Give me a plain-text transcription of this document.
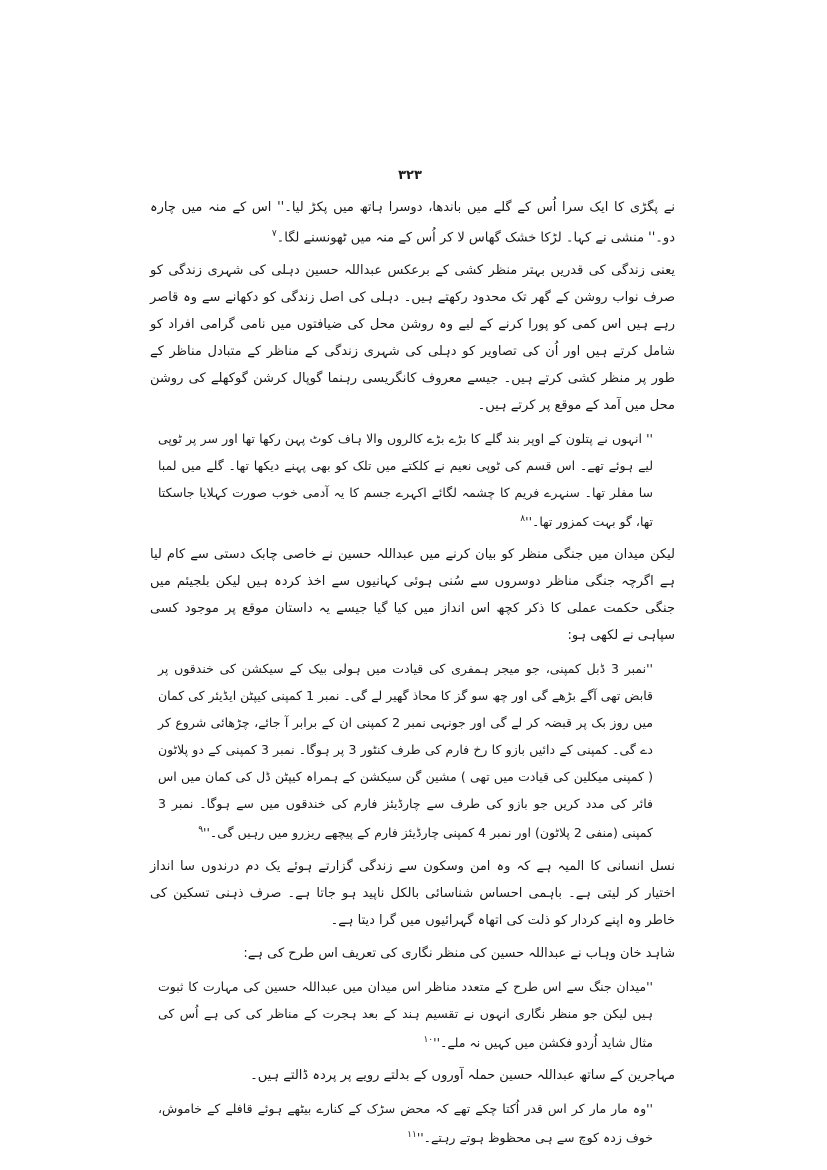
۳۲۳

نے پگڑی کا ایک سرا اُس کے گلے میں باندھا، دوسرا ہاتھ میں پکڑ لیا۔'' اس کے منہ میں چارہ دو۔'' منشی نے کہا۔ لڑکا خشک گھاس لا کر اُس کے منہ میں ٹھونسنے لگا۔$^۷$

یعنی زندگی کی قدریں بہتر منظر کشی کے برعکس عبداللہ حسین دہلی کی شہری زندگی کو صرف نواب روشن کے گھر تک محدود رکھتے ہیں۔ دہلی کی اصل زندگی کو دکھانے سے وہ قاصر رہے ہیں اس کمی کو پورا کرنے کے لیے وہ روشن محل کی ضیافتوں میں نامی گرامی افراد کو شامل کرتے ہیں اور اُن کی تصاویر کو دہلی کی شہری زندگی کے مناظر کے متبادل مناظر کے طور پر منظر کشی کرتے ہیں۔ جیسے معروف کانگریسی رہنما گوپال کرشن گوکھلے کی روشن محل میں آمد کے موقع پر کرتے ہیں۔

'' انہوں نے پتلون کے اوپر بند گلے کا بڑے بڑے کالروں والا ہاف کوٹ پہن رکھا تھا اور سر پر ٹوپی لیے ہوئے تھے۔ اس قسم کی ٹوپی نعیم نے کلکتے میں تلک کو بھی پہنے دیکھا تھا۔ گلے میں لمبا سا مفلر تھا۔ سنہرے فریم کا چشمہ لگائے اکہرے جسم کا یہ آدمی خوب صورت کہلایا جاسکتا تھا، گو بہت کمزور تھا۔''$^۸$

لیکن میدان میں جنگی منظر کو بیان کرنے میں عبداللہ حسین نے خاصی چابک دستی سے کام لیا ہے اگرچہ جنگی مناظر دوسروں سے سُنی ہوئی کہانیوں سے اخذ کردہ ہیں لیکن بلجیئم میں جنگی حکمت عملی کا ذکر کچھ اس انداز میں کیا گیا جیسے یہ داستان موقع پر موجود کسی سپاہی نے لکھی ہو:

''نمبر 3 ڈبل کمپنی، جو میجر ہمفری کی قیادت میں ہولی بیک کے سیکشن کی خندقوں پر قابض تھی آگے بڑھے گی اور چھ سو گز کا محاذ گھیر لے گی۔ نمبر 1 کمپنی کیپٹن ایڈیئر کی کمان میں روز بک پر قبضہ کر لے گی اور جونہی نمبر 2 کمپنی ان کے برابر آ جائے، چڑھائی شروع کر دے گی۔ کمپنی کے دائیں بازو کا رخ فارم کی طرف کنٹور 3 پر ہوگا۔ نمبر 3 کمپنی کے دو پلاٹون ( کمپنی میکلین کی قیادت میں تھی ) مشین گن سیکشن کے ہمراہ کیپٹن ڈل کی کمان میں اس فائر کی مدد کریں جو بازو کی طرف سے چارڈیئز فارم کی خندقوں میں سے ہوگا۔ نمبر 3 کمپنی (منفی 2 پلاٹون) اور نمبر 4 کمپنی چارڈیئز فارم کے پیچھے ریزرو میں رہیں گی۔''$^۹$

نسل انسانی کا المیہ ہے کہ وہ امن وسکون سے زندگی گزارتے ہوئے یک دم درندوں سا انداز اختیار کر لیتی ہے۔ باہمی احساس شناسائی بالکل ناپید ہو جاتا ہے۔ صرف ذہنی تسکین کی خاطر وہ اپنے کردار کو ذلت کی اتھاہ گہرائیوں میں گرا دیتا ہے۔

شاہد خان وہاب نے عبداللہ حسین کی منظر نگاری کی تعریف اس طرح کی ہے:

''میدان جنگ سے اس طرح کے متعدد مناظر اس میدان میں عبداللہ حسین کی مہارت کا ثبوت ہیں لیکن جو منظر نگاری انہوں نے تقسیم ہند کے بعد ہجرت کے مناظر کی کی ہے اُس کی مثال شاید اُردو فکشن میں کہیں نہ ملے۔''$^{۱۰}$

مہاجرین کے ساتھ عبداللہ حسین حملہ آوروں کے بدلتے رویے پر پردہ ڈالتے ہیں۔

''وہ مار مار کر اس قدر اُکتا چکے تھے کہ محض سڑک کے کنارے بیٹھے ہوئے قافلے کے خاموش، خوف زدہ کوچ سے ہی محظوظ ہوتے رہتے۔''$^{۱۱}$
